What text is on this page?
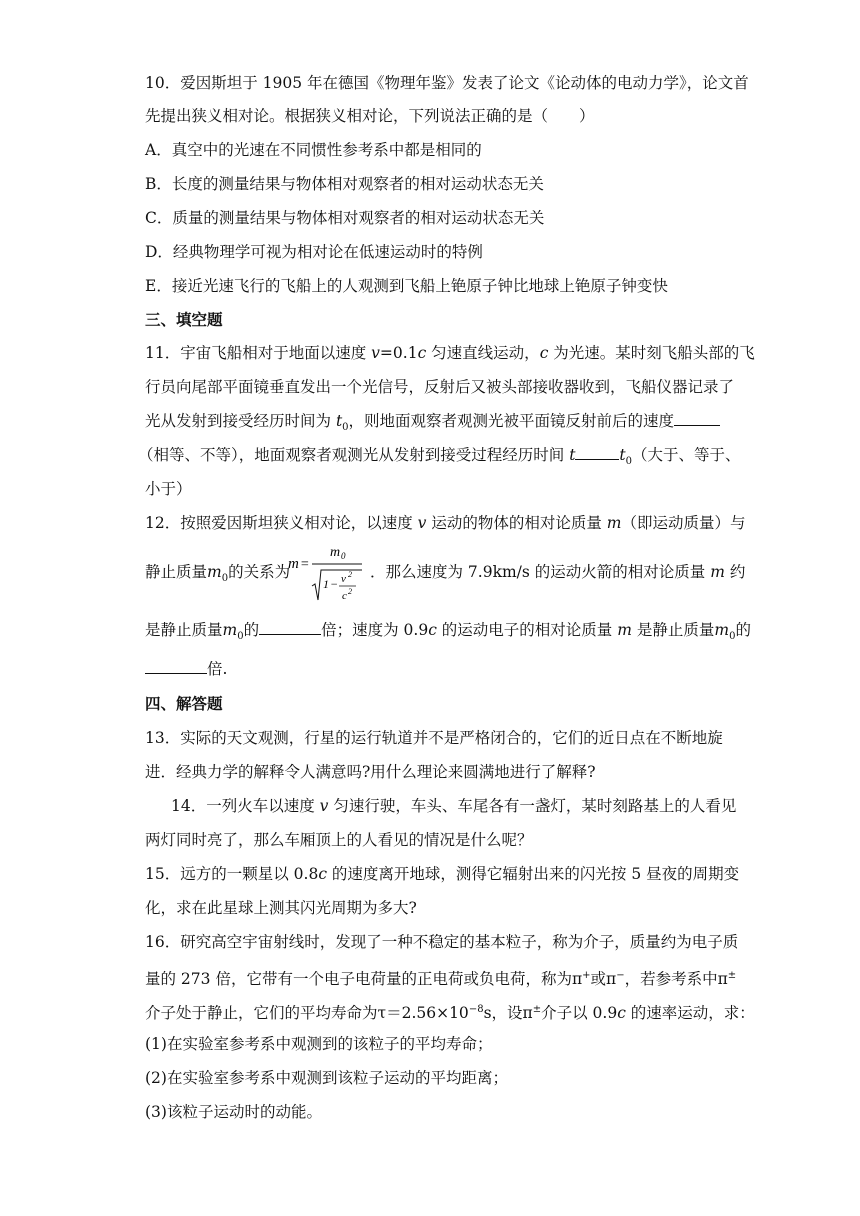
10．爱因斯坦于 1905 年在德国《物理年鉴》发表了论文《论动体的电动力学》，论文首
先提出狭义相对论。根据狭义相对论，下列说法正确的是（　　）
A．真空中的光速在不同惯性参考系中都是相同的
B．长度的测量结果与物体相对观察者的相对运动状态无关
C．质量的测量结果与物体相对观察者的相对运动状态无关
D．经典物理学可视为相对论在低速运动时的特例
E．接近光速飞行的飞船上的人观测到飞船上铯原子钟比地球上铯原子钟变快
三、填空题
11．宇宙飞船相对于地面以速度 v=0.1c 匀速直线运动，c 为光速。某时刻飞船头部的飞
行员向尾部平面镜垂直发出一个光信号，反射后又被头部接收器收到，飞船仪器记录了
光从发射到接受经历时间为 $t_0$，则地面观察者观测光被平面镜反射前后的速度
（相等、不等），地面观察者观测光从发射到接受过程经历时间 t	$t_0$（大于、等于、
小于）
12．按照爱因斯坦狭义相对论，以速度 v 运动的物体的相对论质量 m（即运动质量）与
静止质量$m_0$的关系为
m =
m 0
1 − v 2
c 2
．那么速度为 7.9km/s 的运动火箭的相对论质量 m 约
是静止质量$m_0$的	倍；速度为 0.9c 的运动电子的相对论质量 m 是静止质量$m_0$的
倍.
四、解答题
13．实际的天文观测，行星的运行轨道并不是严格闭合的，它们的近日点在不断地旋
进．经典力学的解释令人满意吗?用什么理论来圆满地进行了解释?
14．一列火车以速度 v 匀速行驶，车头、车尾各有一盏灯，某时刻路基上的人看见
两灯同时亮了，那么车厢顶上的人看见的情况是什么呢？
15．远方的一颗星以 0.8c 的速度离开地球，测得它辐射出来的闪光按 5 昼夜的周期变
化，求在此星球上测其闪光周期为多大?
16．研究高空宇宙射线时，发现了一种不稳定的基本粒子，称为介子，质量约为电子质
量的 273 倍，它带有一个电子电荷量的正电荷或负电荷，称为π+或π−，若参考系中π±
介子处于静止，它们的平均寿命为$\tau=2.56\times 10^{-8}s$，设π±介子以 0.9c 的速率运动，求：
(1)在实验室参考系中观测到的该粒子的平均寿命；
(2)在实验室参考系中观测到该粒子运动的平均距离；
(3)该粒子运动时的动能。
